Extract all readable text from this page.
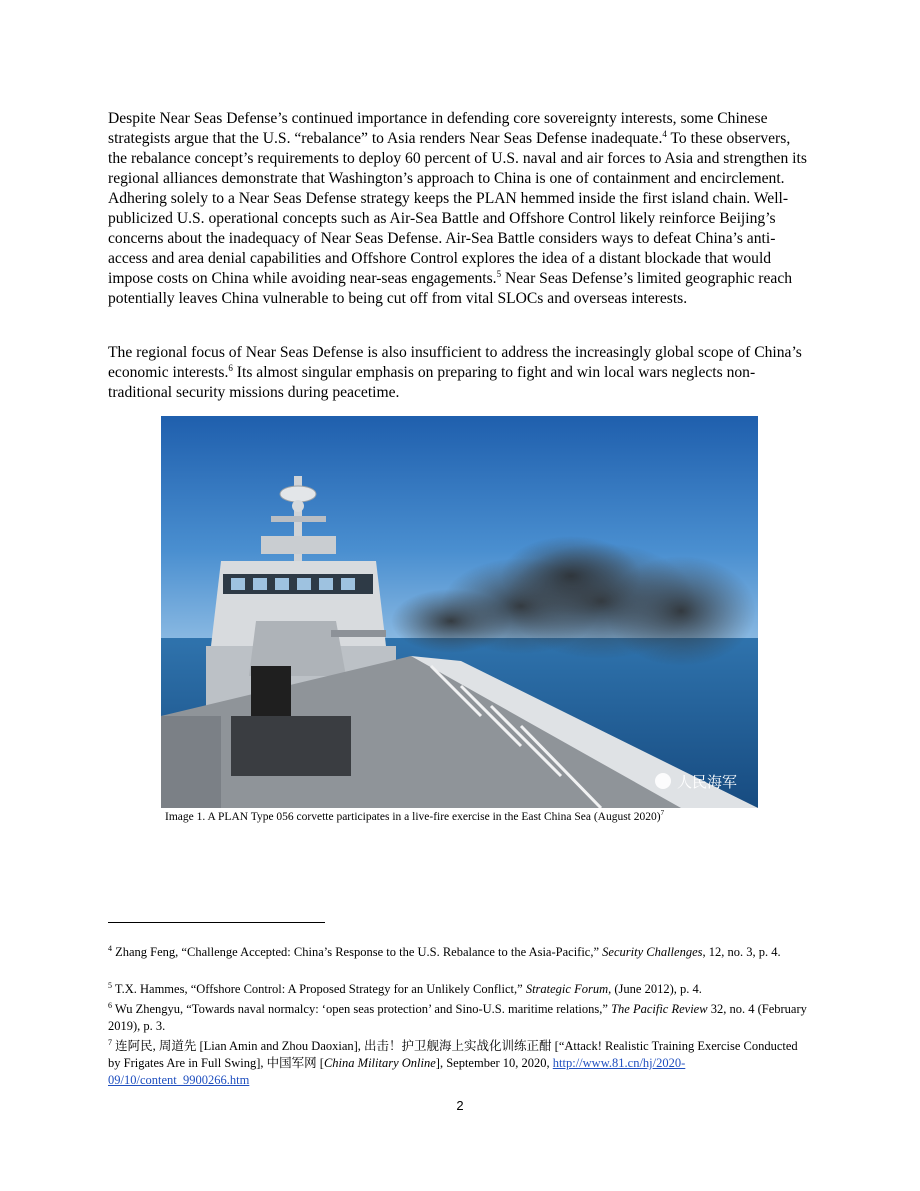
Despite Near Seas Defense’s continued importance in defending core sovereignty interests, some Chinese strategists argue that the U.S. “rebalance” to Asia renders Near Seas Defense inadequate.$^4$ To these observers, the rebalance concept’s requirements to deploy 60 percent of U.S. naval and air forces to Asia and strengthen its regional alliances demonstrate that Washington’s approach to China is one of containment and encirclement. Adhering solely to a Near Seas Defense strategy keeps the PLAN hemmed inside the first island chain. Well-publicized U.S. operational concepts such as Air-Sea Battle and Offshore Control likely reinforce Beijing’s concerns about the inadequacy of Near Seas Defense. Air-Sea Battle considers ways to defeat China’s anti-access and area denial capabilities and Offshore Control explores the idea of a distant blockade that would impose costs on China while avoiding near-seas engagements.$^5$ Near Seas Defense’s limited geographic reach potentially leaves China vulnerable to being cut off from vital SLOCs and overseas interests.

The regional focus of Near Seas Defense is also insufficient to address the increasingly global scope of China’s economic interests.$^6$ Its almost singular emphasis on preparing to fight and win local wars neglects non-traditional security missions during peacetime.

人民海军
Image 1. A PLAN Type 056 corvette participates in a live-fire exercise in the East China Sea (August 2020)$^7$

$^4$ Zhang Feng, “Challenge Accepted: China’s Response to the U.S. Rebalance to the Asia-Pacific,” Security Challenges, 12, no. 3, p. 4.

$^5$ T.X. Hammes, “Offshore Control: A Proposed Strategy for an Unlikely Conflict,” Strategic Forum, (June 2012), p. 4.

$^6$ Wu Zhengyu, “Towards naval normalcy: ‘open seas protection’ and Sino-U.S. maritime relations,” The Pacific Review 32, no. 4 (February 2019), p. 3.

$^7$ 连阿民, 周道先 [Lian Amin and Zhou Daoxian], 出击！护卫舰海上实战化训练正酣 [“Attack! Realistic Training Exercise Conducted by Frigates Are in Full Swing], 中国军网 [China Military Online], September 10, 2020, http://www.81.cn/hj/2020-09/10/content_9900266.htm

2
